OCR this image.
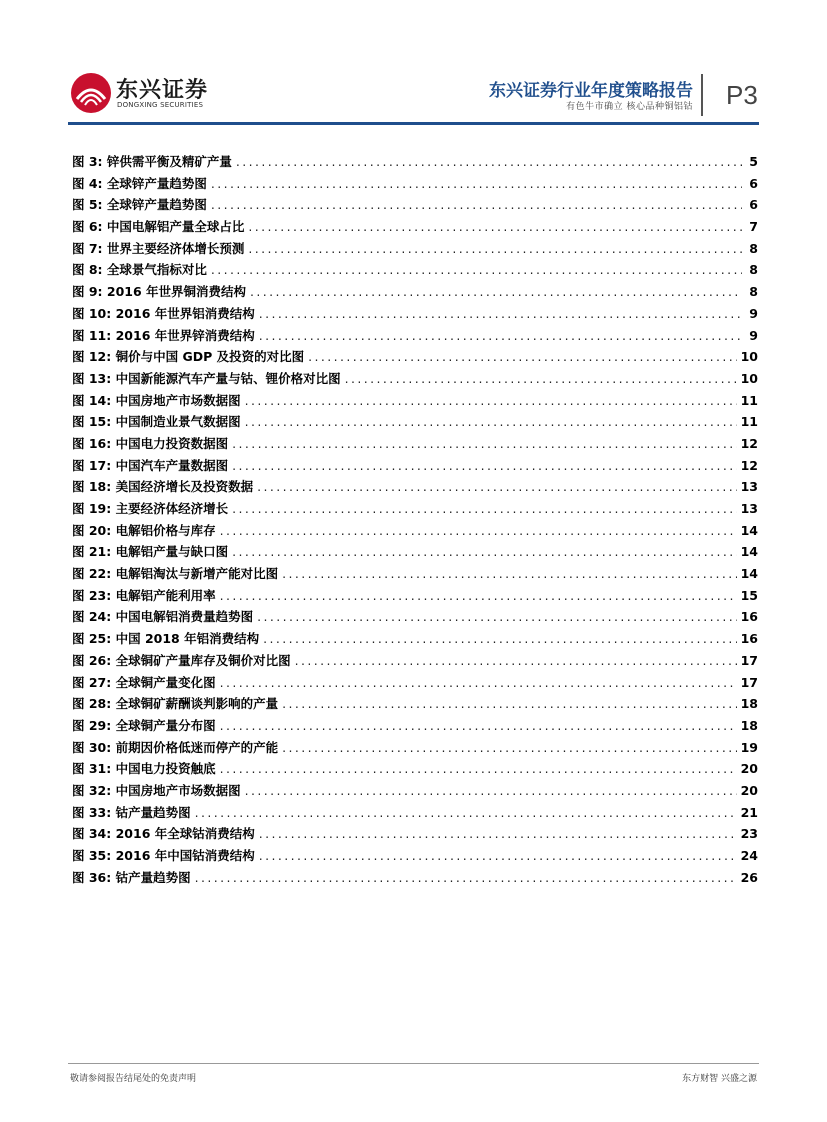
东兴证券
DONGXING SECURITIES
东兴证券行业年度策略报告
有色牛市确立 核心品种铜铝钴 P3
图 3: 锌供需平衡及精矿产量 .....	5
图 4: 全球锌产量趋势图 .....	6
图 5: 全球锌产量趋势图 .....	6
图 6: 中国电解铝产量全球占比 .....	7
图 7: 世界主要经济体增长预测 .....	8
图 8: 全球景气指标对比 .....	8
图 9: 2016 年世界铜消费结构 .....	8
图 10: 2016 年世界铝消费结构 .....	9
图 11: 2016 年世界锌消费结构 .....	9
图 12: 铜价与中国 GDP 及投资的对比图 .....	10
图 13: 中国新能源汽车产量与钴、锂价格对比图 .....	10
图 14: 中国房地产市场数据图 .....	11
图 15: 中国制造业景气数据图 .....	11
图 16: 中国电力投资数据图 .....	12
图 17: 中国汽车产量数据图 .....	12
图 18: 美国经济增长及投资数据 .....	13
图 19: 主要经济体经济增长 .....	13
图 20: 电解铝价格与库存 .....	14
图 21: 电解铝产量与缺口图 .....	14
图 22: 电解铝淘汰与新增产能对比图 .....	14
图 23: 电解铝产能利用率 .....	15
图 24: 中国电解铝消费量趋势图 .....	16
图 25: 中国 2018 年铝消费结构 .....	16
图 26: 全球铜矿产量库存及铜价对比图 .....	17
图 27: 全球铜产量变化图 .....	17
图 28: 全球铜矿薪酬谈判影响的产量 .....	18
图 29: 全球铜产量分布图 .....	18
图 30: 前期因价格低迷而停产的产能 .....	19
图 31: 中国电力投资触底 .....	20
图 32: 中国房地产市场数据图 .....	20
图 33: 钴产量趋势图 .....	21
图 34: 2016 年全球钴消费结构 .....	23
图 35: 2016 年中国钴消费结构 .....	24
图 36: 钴产量趋势图 .....	26
敬请参阅报告结尾处的免责声明	东方财智 兴盛之源
